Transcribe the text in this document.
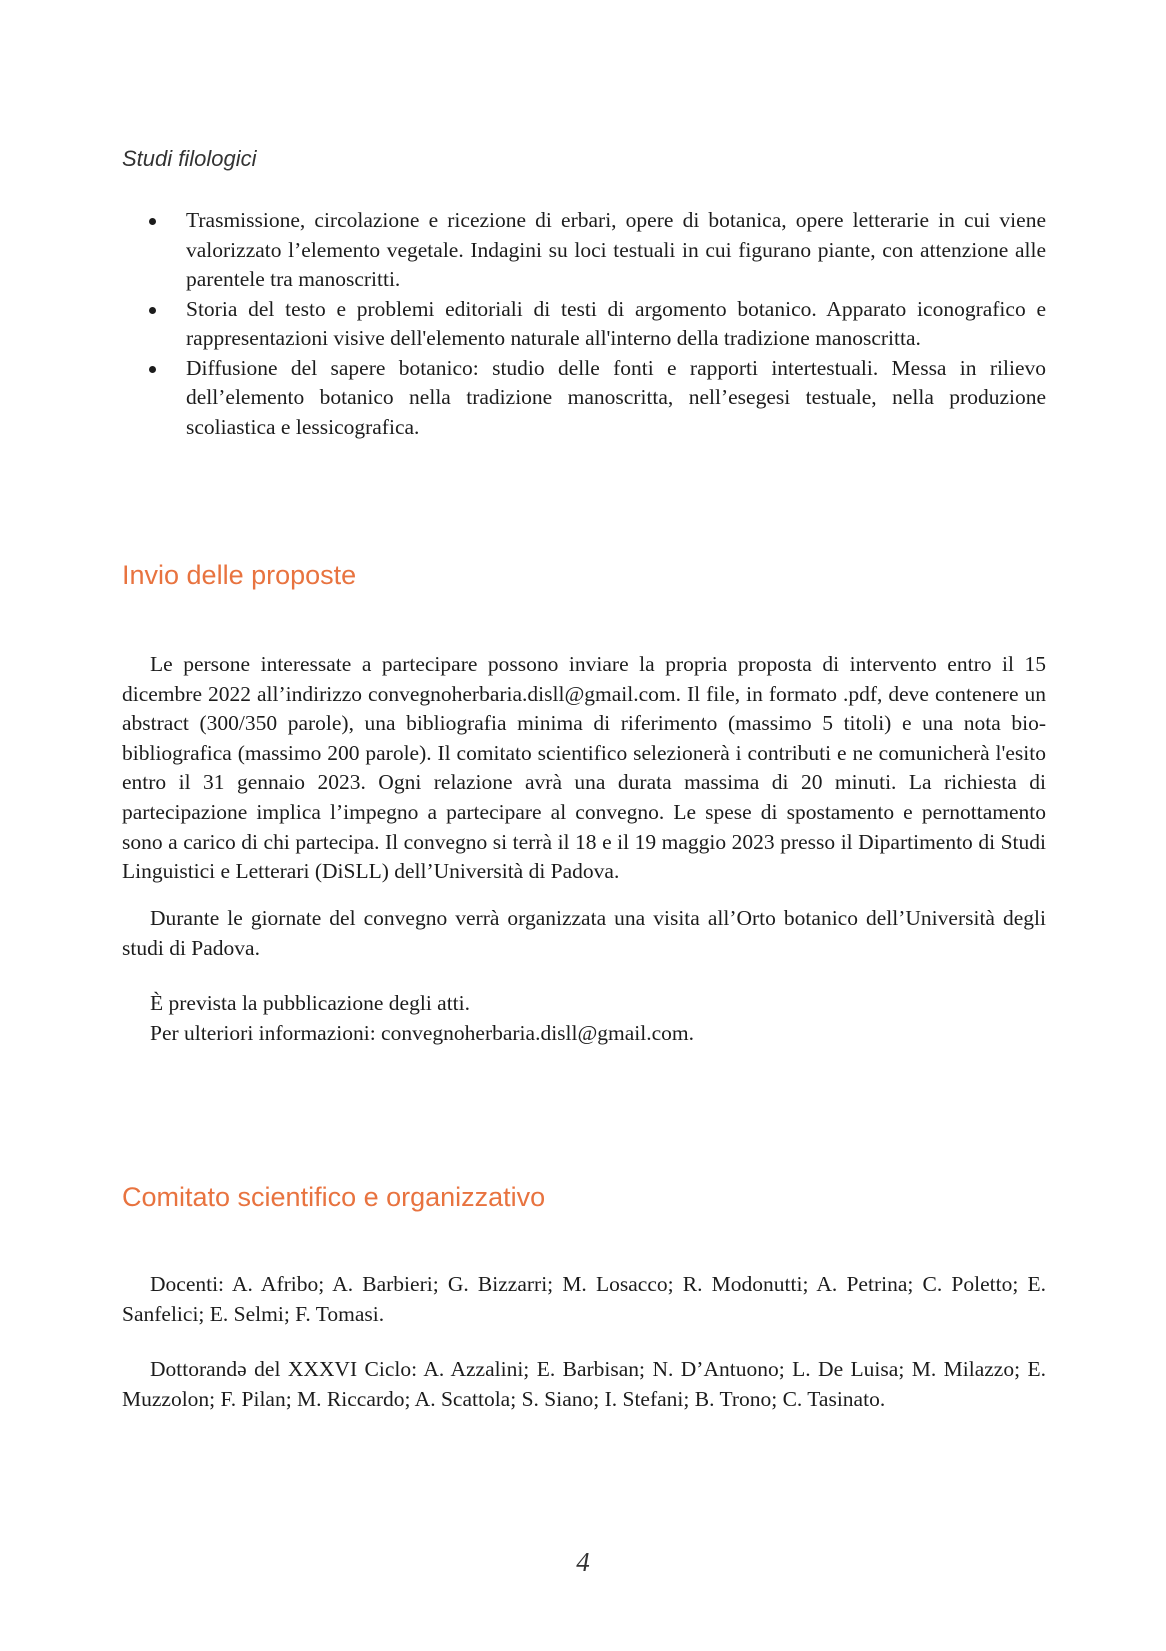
Studi filologici
Trasmissione, circolazione e ricezione di erbari, opere di botanica, opere letterarie in cui viene valorizzato l’elemento vegetale. Indagini su loci testuali in cui figurano piante, con attenzione alle parentele tra manoscritti.
Storia del testo e problemi editoriali di testi di argomento botanico. Apparato iconografico e rappresentazioni visive dell'elemento naturale all'interno della tradizione manoscritta.
Diffusione del sapere botanico: studio delle fonti e rapporti intertestuali. Messa in rilievo dell’elemento botanico nella tradizione manoscritta, nell’esegesi testuale, nella produzione scoliastica e lessicografica.
Invio delle proposte

Le persone interessate a partecipare possono inviare la propria proposta di intervento entro il 15 dicembre 2022 all’indirizzo convegnoherbaria.disll@gmail.com. Il file, in formato .pdf, deve contenere un abstract (300/350 parole), una bibliografia minima di riferimento (massimo 5 titoli) e una nota bio-bibliografica (massimo 200 parole). Il comitato scientifico selezionerà i contributi e ne comunicherà l'esito entro il 31 gennaio 2023. Ogni relazione avrà una durata massima di 20 minuti. La richiesta di partecipazione implica l’impegno a partecipare al convegno. Le spese di spostamento e pernottamento sono a carico di chi partecipa. Il convegno si terrà il 18 e il 19 maggio 2023 presso il Dipartimento di Studi Linguistici e Letterari (DiSLL) dell’Università di Padova.

Durante le giornate del convegno verrà organizzata una visita all’Orto botanico dell’Università degli studi di Padova.

È prevista la pubblicazione degli atti.
Per ulteriori informazioni: convegnoherbaria.disll@gmail.com.

Comitato scientifico e organizzativo

Docenti: A. Afribo; A. Barbieri; G. Bizzarri; M. Losacco; R. Modonutti; A. Petrina; C. Poletto; E. Sanfelici; E. Selmi; F. Tomasi.

Dottorandə del XXXVI Ciclo: A. Azzalini; E. Barbisan; N. D’Antuono; L. De Luisa; M. Milazzo; E. Muzzolon; F. Pilan; M. Riccardo; A. Scattola; S. Siano; I. Stefani; B. Trono; C. Tasinato.

4
